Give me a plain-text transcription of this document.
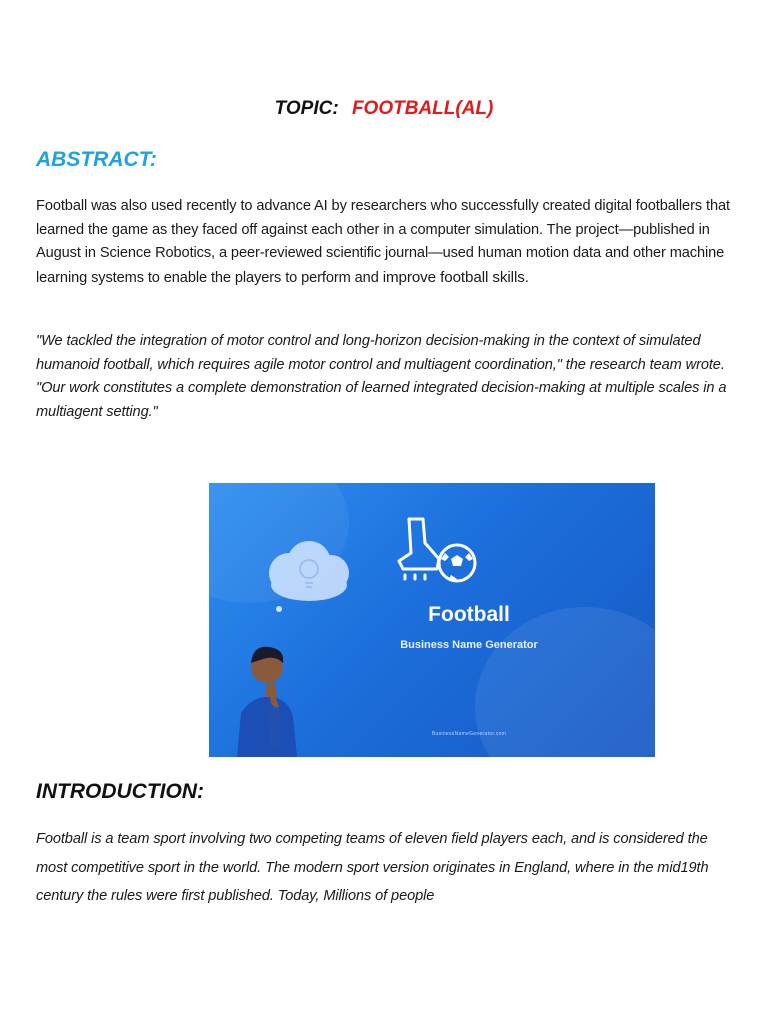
TOPIC: FOOTBALL(AL)
ABSTRACT:

Football was also used recently to advance AI by researchers who successfully created digital footballers that learned the game as they faced off against each other in a computer simulation. The project—published in August in Science Robotics, a peer-reviewed scientific journal—used human motion data and other machine learning systems to enable the players to perform and improve football skills.

"We tackled the integration of motor control and long-horizon decision-making in the context of simulated humanoid football, which requires agile motor control and multiagent coordination," the research team wrote. "Our work constitutes a complete demonstration of learned integrated decision-making at multiple scales in a multiagent setting."

Football
Business Name Generator
BusinessNameGenerator.com
INTRODUCTION:

Football is a team sport involving two competing teams of eleven field players each, and is considered the most competitive sport in the world. The modern sport version originates in England, where in the mid19th century the rules were first published. Today, Millions of people
